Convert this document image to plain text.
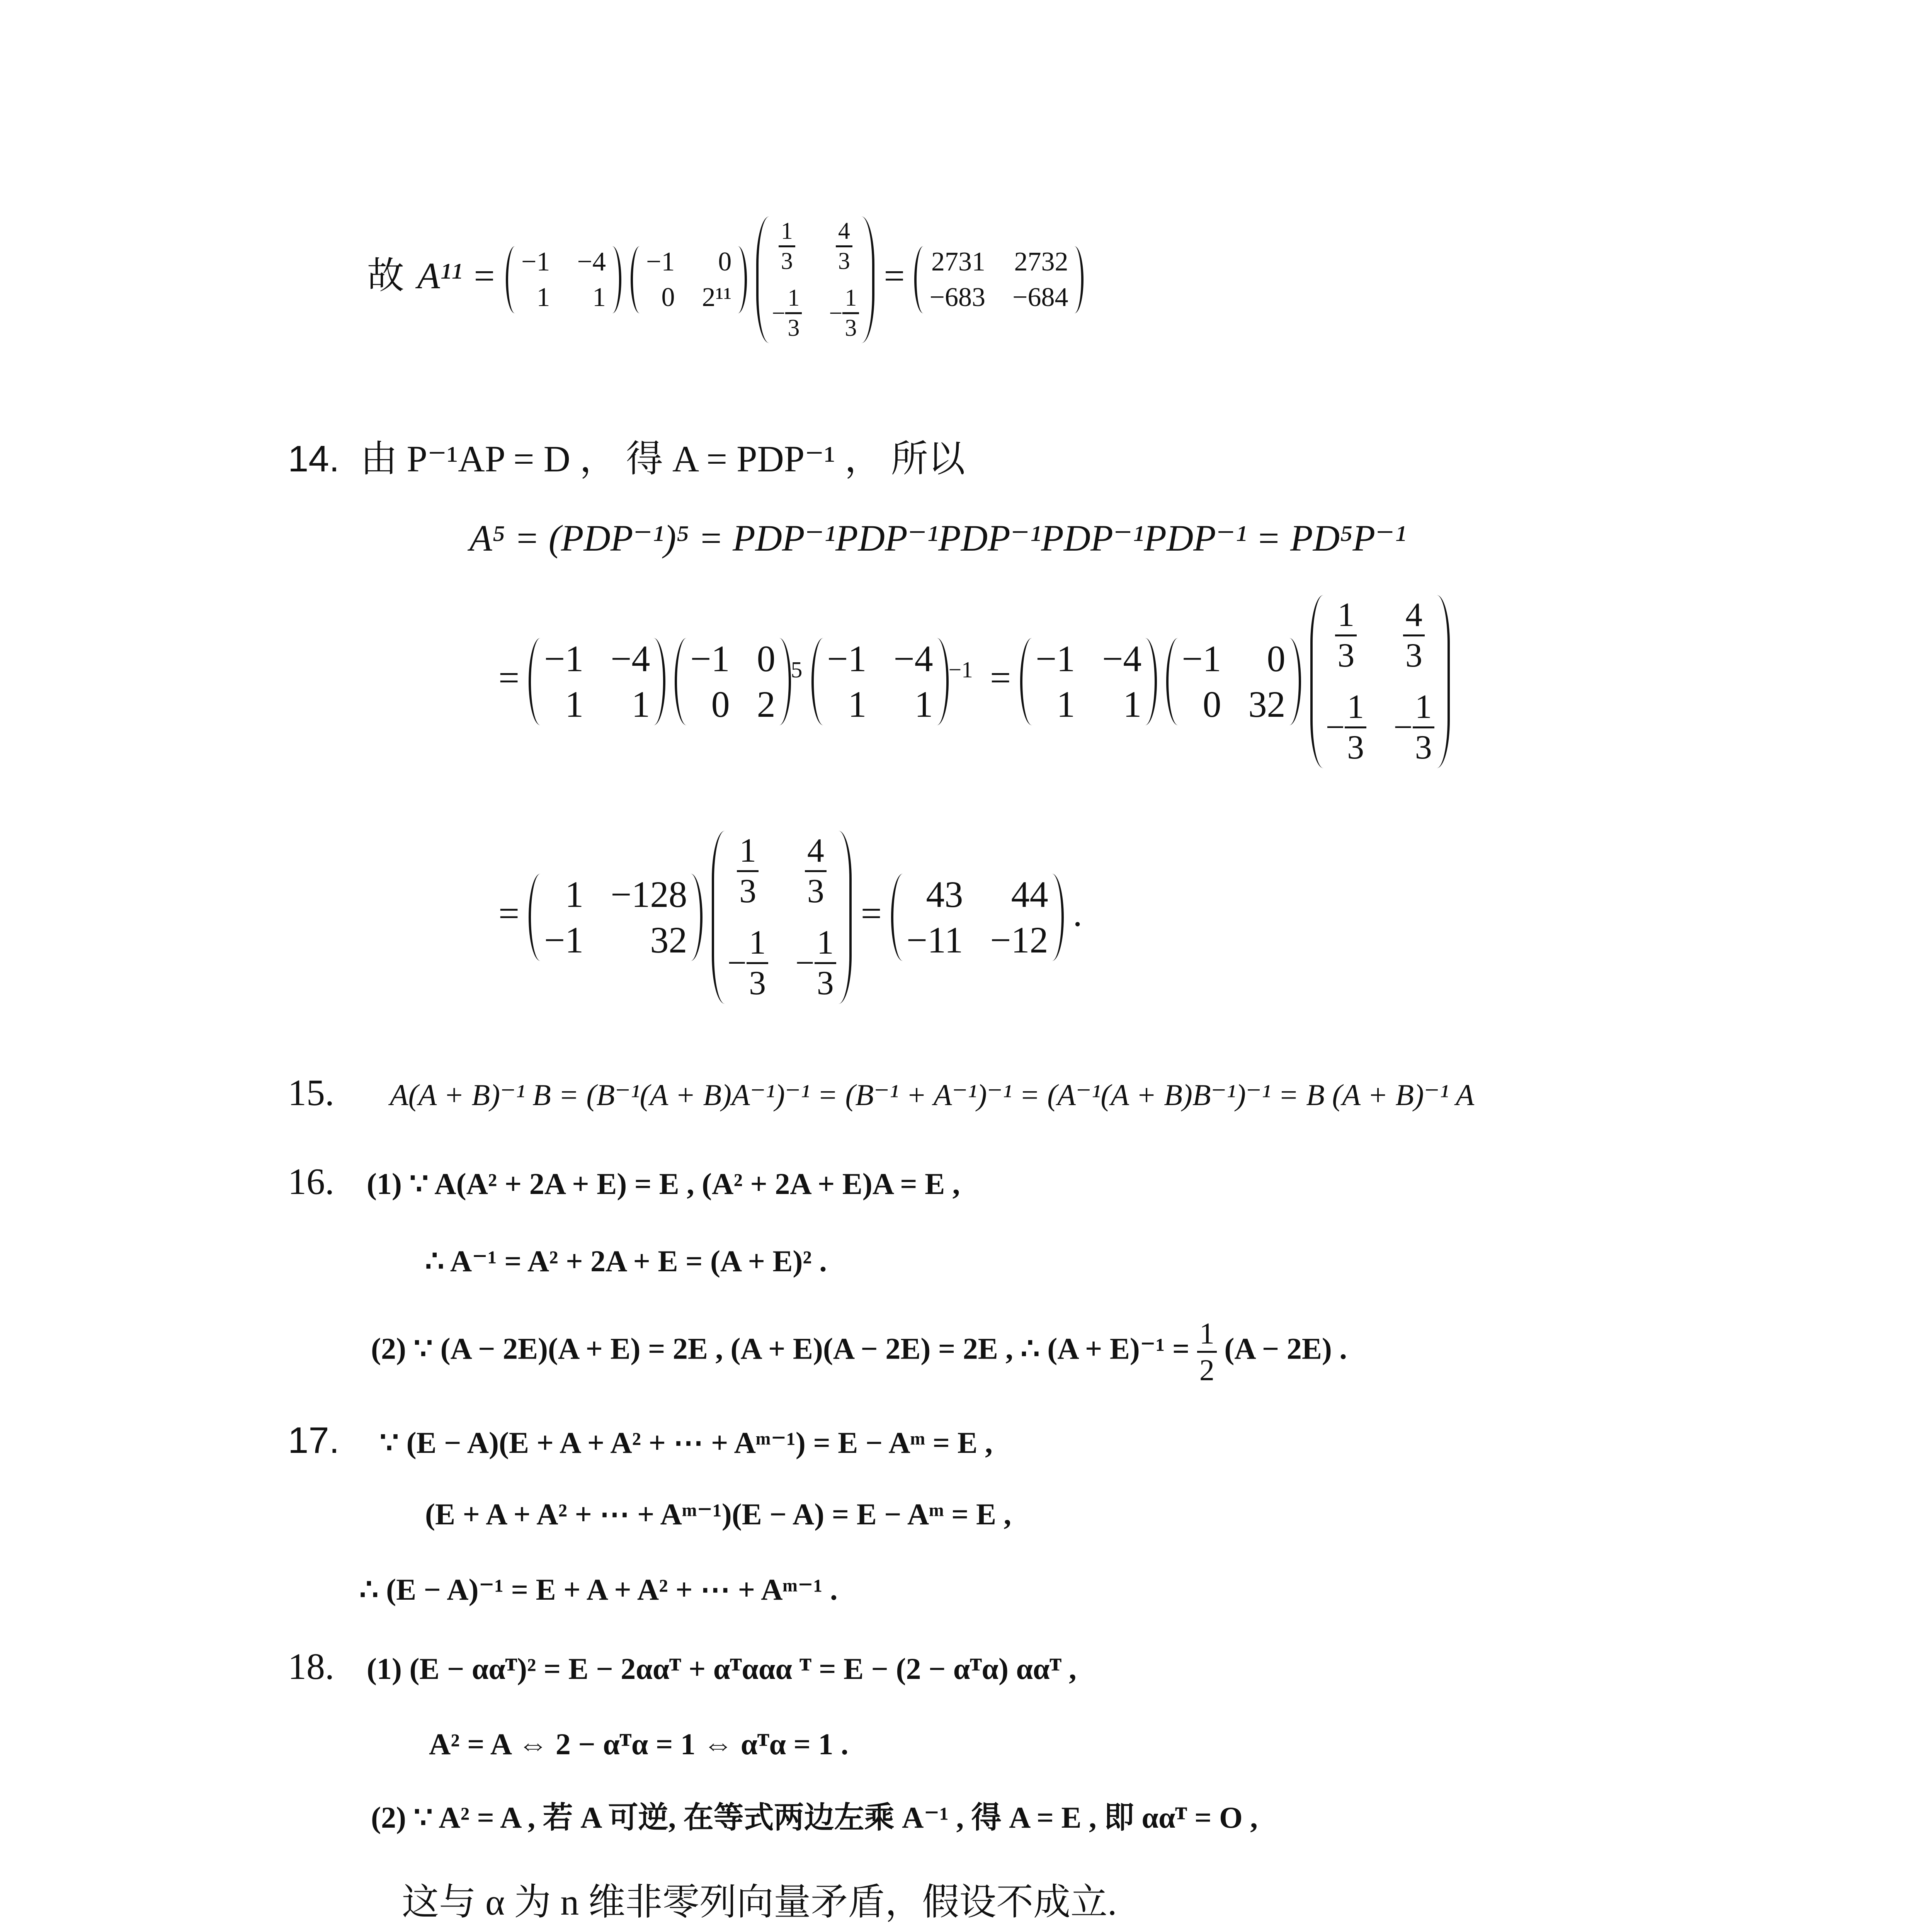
故 A¹¹ = −1 −4
1	1

−1	0
0 2¹¹

$\frac{1}{3} \frac{4}{3}$
− $\frac{1}{3} - \frac{1}{3}$
= 2731 2732
−683 −684
14. 由 P⁻¹AP = D ， 得 A = PDP⁻¹ ， 所以
A⁵ = (PDP⁻¹)⁵ = PDP⁻¹PDP⁻¹PDP⁻¹PDP⁻¹PDP⁻¹ = PD⁵P⁻¹
= −1 −4
1	1

−1 0
0 2
$^5$ −1 −4
1	1
$^{-1}$ = −1 −4
1	1

−1	0
0 32

$\frac{1}{3} \frac{4}{3}$
− $\frac{1}{3} - \frac{1}{3}$
=	1 −128
−1	32

$\frac{1}{3} \frac{4}{3}$
− $\frac{1}{3} - \frac{1}{3}$
=	43	44
−11 −12
.
15. A(A + B)⁻¹ B = (B⁻¹(A + B)A⁻¹)⁻¹ = (B⁻¹ + A⁻¹)⁻¹ = (A⁻¹(A + B)B⁻¹)⁻¹ = B (A + B)⁻¹ A
16. (1) ∵ A(A² + 2A + E) = E , (A² + 2A + E)A = E ,
∴ A⁻¹ = A² + 2A + E = (A + E)² .
(2) ∵ (A − 2E)(A + E) = 2E , (A + E)(A − 2E) = 2E , ∴ $(A + E)^{-1} = \frac{1}{2} (A - 2E)$ .
17. ∵ (E − A)(E + A + A² + ⋯ + Aᵐ⁻¹) = E − Aᵐ = E ,
(E + A + A² + ⋯ + Aᵐ⁻¹)(E − A) = E − Aᵐ = E ,
∴ (E − A)⁻¹ = E + A + A² + ⋯ + Aᵐ⁻¹ .
18. (1) (E − ααᵀ)² = E − 2ααᵀ + αᵀααα ᵀ = E − (2 − αᵀα) ααᵀ ,
A² = A ⇔ 2 − αᵀα = 1 ⇔ αᵀα = 1 .
(2) ∵ A² = A , 若 A 可逆, 在等式两边左乘 A⁻¹ , 得 A = E , 即 ααᵀ = O ,
这与 α 为 n 维非零列向量矛盾，假设不成立.
